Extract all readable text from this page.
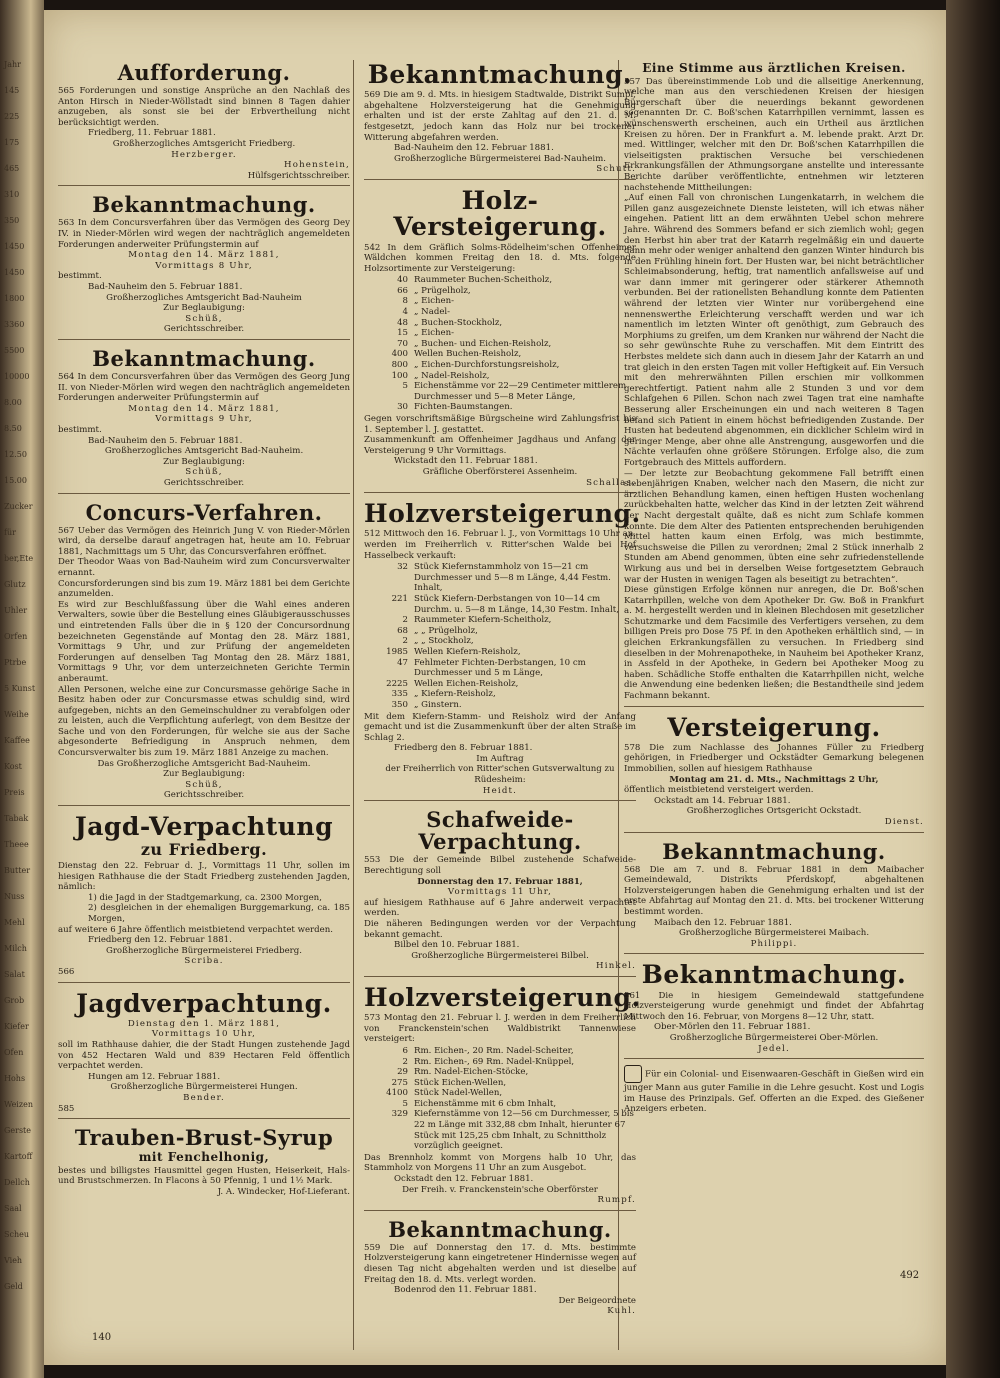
Jahr
145
225
175
465
310
350
1450
1450
1800
3360
5500
10000
8.00
8.50
12.50
15.00
Zucker
für
ber,Ete
Glutz
Uhler
Orfen
Ptrbe
5 Kunst
Weihe
Kaffee
Kost
Preis
Tabak
Theee
Butter
Nuss
Mehl
Milch
Salat
Grob
Kiefer
Ofen
Hohs
Weizen
Gerste
Kartoff
Dellch
Saal
Scheu
Vieh
Geld
Aufforderung.

565 Forderungen und sonstige Ansprüche an den Nachlaß des Anton Hirsch in Nieder-Wöllstadt sind binnen 8 Tagen dahier anzugeben, als sonst sie bei der Erbvertheilung nicht berücksichtigt werden.

Friedberg, 11. Februar 1881.

Großherzogliches Amtsgericht Friedberg.

Herzberger.

Hohenstein,

Hülfsgerichtsschreiber.

Bekanntmachung.

563 In dem Concursverfahren über das Vermögen des Georg Dey IV. in Nieder-Mörlen wird wegen der nachträglich angemeldeten Forderungen anderweiter Prüfungstermin auf

Montag den 14. März 1881,

Vormittags 8 Uhr,

bestimmt.

Bad-Nauheim den 5. Februar 1881.

Großherzogliches Amtsgericht Bad-Nauheim

Zur Beglaubigung:

Schüß,

Gerichtsschreiber.

Bekanntmachung.

564 In dem Concursverfahren über das Vermögen des Georg Jung II. von Nieder-Mörlen wird wegen den nachträglich angemeldeten Forderungen anderweiter Prüfungstermin auf

Montag den 14. März 1881,

Vormittags 9 Uhr,

bestimmt.

Bad-Nauheim den 5. Februar 1881.

Großherzogliches Amtsgericht Bad-Nauheim.

Zur Beglaubigung:

Schüß,

Gerichtsschreiber.

Concurs-Verfahren.

567 Ueber das Vermögen des Heinrich Jung V. von Rieder-Mörlen wird, da derselbe darauf angetragen hat, heute am 10. Februar 1881, Nachmittags um 5 Uhr, das Concursverfahren eröffnet.

Der Theodor Waas von Bad-Nauheim wird zum Concursverwalter ernannt.

Concursforderungen sind bis zum 19. März 1881 bei dem Gerichte anzumelden.

Es wird zur Beschlußfassung über die Wahl eines anderen Verwalters, sowie über die Bestellung eines Gläubigerausschusses und eintretenden Falls über die in § 120 der Concursordnung bezeichneten Gegenstände auf Montag den 28. März 1881, Vormittags 9 Uhr, und zur Prüfung der angemeldeten Forderungen auf denselben Tag Montag den 28. März 1881, Vormittags 9 Uhr, vor dem unterzeichneten Gerichte Termin anberaumt.

Allen Personen, welche eine zur Concursmasse gehörige Sache in Besitz haben oder zur Concursmasse etwas schuldig sind, wird aufgegeben, nichts an den Gemeinschuldner zu verabfolgen oder zu leisten, auch die Verpflichtung auferlegt, von dem Besitze der Sache und von den Forderungen, für welche sie aus der Sache abgesonderte Befriedigung in Anspruch nehmen, dem Concursverwalter bis zum 19. März 1881 Anzeige zu machen.

Das Großherzogliche Amtsgericht Bad-Nauheim.

Zur Beglaubigung:

Schüß,

Gerichtsschreiber.

Jagd-Verpachtung
zu Friedberg.

Dienstag den 22. Februar d. J., Vormittags 11 Uhr, sollen im hiesigen Rathhause die der Stadt Friedberg zustehenden Jagden, nämlich:

1) die Jagd in der Stadtgemarkung, ca. 2300 Morgen,

2) desgleichen in der ehemaligen Burggemarkung, ca. 185 Morgen,

auf weitere 6 Jahre öffentlich meistbietend verpachtet werden.

Friedberg den 12. Februar 1881.

Großherzogliche Bürgermeisterei Friedberg.

Scriba.

566

Jagdverpachtung.

Dienstag den 1. März 1881,

Vormittags 10 Uhr,

soll im Rathhause dahier, die der Stadt Hungen zustehende Jagd von 452 Hectaren Wald und 839 Hectaren Feld öffentlich verpachtet werden.

Hungen am 12. Februar 1881.

Großherzogliche Bürgermeisterei Hungen.

Bender.

585

Trauben-Brust-Syrup
mit Fenchelhonig,

bestes und billigstes Hausmittel gegen Husten, Heiserkeit, Hals- und Brustschmerzen. In Flacons à 50 Pfennig, 1 und 1½ Mark.

J. A. Windecker, Hof-Lieferant.

140
Bekanntmachung.

569 Die am 9. d. Mts. in hiesigem Stadtwalde, Distrikt Sumpf, abgehaltene Holzversteigerung hat die Genehmigung erhalten und ist der erste Zahltag auf den 21. d. M. festgesetzt, jedoch kann das Holz nur bei trockener Witterung abgefahren werden.

Bad-Nauheim den 12. Februar 1881.

Großherzogliche Bürgermeisterei Bad-Nauheim.

Schutt.

Holz-Versteigerung.

542 In dem Gräflich Solms-Rödelheim'schen Offenheimer Wäldchen kommen Freitag den 18. d. Mts. folgende Holzsortimente zur Versteigerung:

40 Raummeter Buchen-Scheitholz,
66 „ Prügelholz,
8 „ Eichen-
4 „ Nadel-
48 „ Buchen-Stockholz,
15 „ Eichen-
70 „ Buchen- und Eichen-Reisholz,
400 Wellen Buchen-Reisholz,
800 „ Eichen-Durchforstungsreisholz,
100 „ Nadel-Reisholz,
5 Eichenstämme vor 22—29 Centimeter mittlerem Durchmesser und 5—8 Meter Länge,
30 Fichten-Baumstangen.

Gegen vorschriftsmäßige Bürgscheine wird Zahlungsfrist bis 1. September l. J. gestattet.

Zusammenkunft am Offenheimer Jagdhaus und Anfang der Versteigerung 9 Uhr Vormittags.

Wickstadt den 11. Februar 1881.

Gräfliche Oberförsterei Assenheim.

Schallas.

Holzversteigerung.

512 Mittwoch den 16. Februar l. J., von Vormittags 10 Uhr an, werden im Freiherrlich v. Ritter'schen Walde bei Hof Hasselbeck verkauft:

32 Stück Kiefernstammholz von 15—21 cm Durchmesser und 5—8 m Länge, 4,44 Festm. Inhalt,
221 Stück Kiefern-Derbstangen von 10—14 cm Durchm. u. 5—8 m Länge, 14,30 Festm. Inhalt,
2 Raummeter Kiefern-Scheitholz,
68 „ „ Prügelholz,
2 „ „ Stockholz,
1985 Wellen Kiefern-Reisholz,
47 Fehlmeter Fichten-Derbstangen, 10 cm Durchmesser und 5 m Länge,
2225 Wellen Eichen-Reisholz,
335 „ Kiefern-Reisholz,
350 „ Ginstern.

Mit dem Kiefern-Stamm- und Reisholz wird der Anfang gemacht und ist die Zusammenkunft über der alten Straße im Schlag 2.

Friedberg den 8. Februar 1881.

Im Auftrag

der Freiherrlich von Ritter'schen Gutsverwaltung zu Rüdesheim:

Heidt.

Schafweide-Verpachtung.

553 Die der Gemeinde Bilbel zustehende Schafweide-Berechtigung soll

Donnerstag den 17. Februar 1881,

Vormittags 11 Uhr,

auf hiesigem Rathhause auf 6 Jahre anderweit verpachtet werden.

Die näheren Bedingungen werden vor der Verpachtung bekannt gemacht.

Bilbel den 10. Februar 1881.

Großherzogliche Bürgermeisterei Bilbel.

Hinkel.

Holzversteigerung.

573 Montag den 21. Februar l. J. werden in dem Freiherrlich von Franckenstein'schen Waldbistrikt Tannenwiese versteigert:

6 Rm. Eichen-, 20 Rm. Nadel-Scheiter,
2 Rm. Eichen-, 69 Rm. Nadel-Knüppel,
29 Rm. Nadel-Eichen-Stöcke,
275 Stück Eichen-Wellen,
4100 Stück Nadel-Wellen,
5 Eichenstämme mit 6 cbm Inhalt,
329 Kiefernstämme von 12—56 cm Durchmesser, 5 bis 22 m Länge mit 332,88 cbm Inhalt, hierunter 67 Stück mit 125,25 cbm Inhalt, zu Schnittholz vorzüglich geeignet.

Das Brennholz kommt von Morgens halb 10 Uhr, das Stammholz von Morgens 11 Uhr an zum Ausgebot.

Ockstadt den 12. Februar 1881.

Der Freih. v. Franckenstein'sche Oberförster

Rumpf.

Bekanntmachung.

559 Die auf Donnerstag den 17. d. Mts. bestimmte Holzversteigerung kann eingetretener Hindernisse wegen auf diesen Tag nicht abgehalten werden und ist dieselbe auf Freitag den 18. d. Mts. verlegt worden.

Bodenrod den 11. Februar 1881.

Der Beigeordnete

Kuhl.

Eine Stimme aus ärztlichen Kreisen.

557 Das übereinstimmende Lob und die allseitige Anerkennung, welche man aus den verschiedenen Kreisen der hiesigen Bürgerschaft über die neuerdings bekannt gewordenen sogenannten Dr. C. Boß'schen Katarrhpillen vernimmt, lassen es wünschenswerth erscheinen, auch ein Urtheil aus ärztlichen Kreisen zu hören. Der in Frankfurt a. M. lebende prakt. Arzt Dr. med. Wittlinger, welcher mit den Dr. Boß'schen Katarrhpillen die vielseitigsten praktischen Versuche bei verschiedenen Erkrankungsfällen der Athmungsorgane anstellte und interessante Berichte darüber veröffentlichte, entnehmen wir letzteren nachstehende Mittheilungen:

„Auf einen Fall von chronischen Lungenkatarrh, in welchem die Pillen ganz ausgezeichnete Dienste leisteten, will ich etwas näher eingehen. Patient litt an dem erwähnten Uebel schon mehrere Jahre. Während des Sommers befand er sich ziemlich wohl; gegen den Herbst hin aber trat der Katarrh regelmäßig ein und dauerte dann mehr oder weniger anhaltend den ganzen Winter hindurch bis in den Frühling hinein fort. Der Husten war, bei nicht beträchtlicher Schleimabsonderung, heftig, trat namentlich anfallsweise auf und war dann immer mit geringerer oder stärkerer Athemnoth verbunden. Bei der rationellsten Behandlung konnte dem Patienten während der letzten vier Winter nur vorübergehend eine nennenswerthe Erleichterung verschafft werden und war ich namentlich im letzten Winter oft genöthigt, zum Gebrauch des Morphiums zu greifen, um dem Kranken nur während der Nacht die so sehr gewünschte Ruhe zu verschaffen. Mit dem Eintritt des Herbstes meldete sich dann auch in diesem Jahr der Katarrh an und trat gleich in den ersten Tagen mit voller Heftigkeit auf. Ein Versuch mit den mehrerwähnten Pillen erschien mir vollkommen gerechtfertigt. Patient nahm alle 2 Stunden 3 und vor dem Schlafgehen 6 Pillen. Schon nach zwei Tagen trat eine namhafte Besserung aller Erscheinungen ein und nach weiteren 8 Tagen befand sich Patient in einem höchst befriedigenden Zustande. Der Husten hat bedeutend abgenommen, ein dicklicher Schleim wird in geringer Menge, aber ohne alle Anstrengung, ausgeworfen und die Nächte verlaufen ohne größere Störungen. Erfolge also, die zum Fortgebrauch des Mittels auffordern.

— Der letzte zur Beobachtung gekommene Fall betrifft einen siebenjährigen Knaben, welcher nach den Masern, die nicht zur ärztlichen Behandlung kamen, einen heftigen Husten wochenlang zurückbehalten hatte, welcher das Kind in der letzten Zeit während der Nacht dergestalt quälte, daß es nicht zum Schlafe kommen konnte. Die dem Alter des Patienten entsprechenden beruhigenden Mittel hatten kaum einen Erfolg, was mich bestimmte, versuchsweise die Pillen zu verordnen; 2mal 2 Stück innerhalb 2 Stunden am Abend genommen, übten eine sehr zufriedenstellende Wirkung aus und bei in derselben Weise fortgesetztem Gebrauch war der Husten in wenigen Tagen als beseitigt zu betrachten“.

Diese günstigen Erfolge können nur anregen, die Dr. Boß'schen Katarrhpillen, welche von dem Apotheker Dr. Gw. Boß in Frankfurt a. M. hergestellt werden und in kleinen Blechdosen mit gesetzlicher Schutzmarke und dem Facsimile des Verfertigers versehen, zu dem billigen Preis pro Dose 75 Pf. in den Apotheken erhältlich sind, — in gleichen Erkrankungsfällen zu versuchen. In Friedberg sind dieselben in der Mohrenapotheke, in Nauheim bei Apotheker Kranz, in Assfeld in der Apotheke, in Gedern bei Apotheker Moog zu haben. Schädliche Stoffe enthalten die Katarrhpillen nicht, welche die Anwendung eine bedenken ließen; die Bestandtheile sind jedem Fachmann bekannt.

Versteigerung.

578 Die zum Nachlasse des Johannes Füller zu Friedberg gehörigen, in Friedberger und Ockstädter Gemarkung belegenen Immobilien, sollen auf hiesigem Rathhause

Montag am 21. d. Mts., Nachmittags 2 Uhr,

öffentlich meistbietend versteigert werden.

Ockstadt am 14. Februar 1881.

Großherzogliches Ortsgericht Ockstadt.

Dienst.

Bekanntmachung.

568 Die am 7. und 8. Februar 1881 in dem Maibacher Gemeindewald, Distrikts Pferdskopf, abgehaltenen Holzversteigerungen haben die Genehmigung erhalten und ist der erste Abfahrtag auf Montag den 21. d. Mts. bei trockener Witterung bestimmt worden.

Maibach den 12. Februar 1881.

Großherzogliche Bürgermeisterei Maibach.

Philippi.

Bekanntmachung.

561 Die in hiesigem Gemeindewald stattgefundene Holzversteigerung wurde genehmigt und findet der Abfahrtag Mittwoch den 16. Februar, von Morgens 8—12 Uhr, statt.

Ober-Mörlen den 11. Februar 1881.

Großherzogliche Bürgermeisterei Ober-Mörlen.

Jedel.

Für ein Colonial- und Eisenwaaren-Geschäft in Gießen wird ein junger Mann aus guter Familie in die Lehre gesucht. Kost und Logis im Hause des Prinzipals. Gef. Offerten an die Exped. des Gießener Anzeigers erbeten.

492
